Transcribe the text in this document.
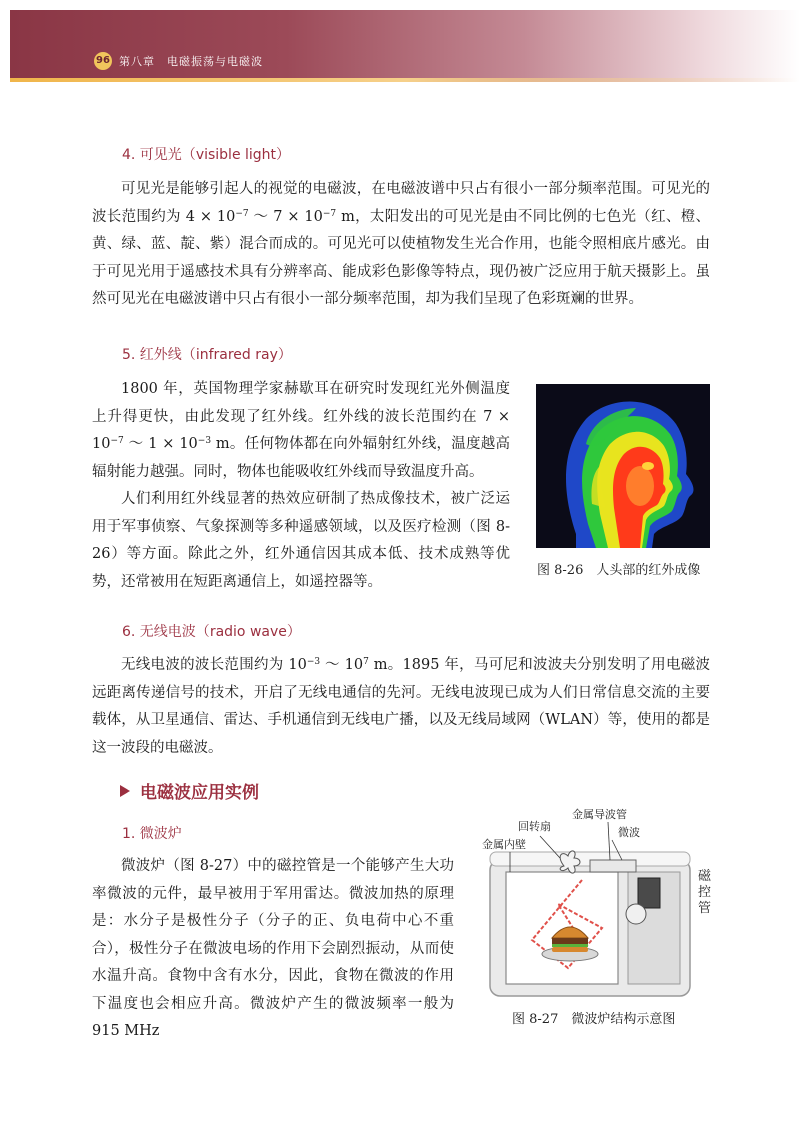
96 第八章　电磁振荡与电磁波
4. 可见光（visible light）

可见光是能够引起人的视觉的电磁波，在电磁波谱中只占有很小一部分频率范围。可见光的波长范围约为 $4 \times 10^{-7}$ ～ $7 \times 10^{-7}$ m，太阳发出的可见光是由不同比例的七色光（红、橙、黄、绿、蓝、靛、紫）混合而成的。可见光可以使植物发生光合作用，也能令照相底片感光。由于可见光用于遥感技术具有分辨率高、能成彩色影像等特点，现仍被广泛应用于航天摄影上。虽然可见光在电磁波谱中只占有很小一部分频率范围，却为我们呈现了色彩斑斓的世界。

5. 红外线（infrared ray）

1800 年，英国物理学家赫歇耳在研究时发现红光外侧温度上升得更快，由此发现了红外线。红外线的波长范围约在 $7 \times 10^{-7}$ ～ $1 \times 10^{-3}$ m。任何物体都在向外辐射红外线，温度越高辐射能力越强。同时，物体也能吸收红外线而导致温度升高。

人们利用红外线显著的热效应研制了热成像技术，被广泛运用于军事侦察、气象探测等多种遥感领域，以及医疗检测（图 8-26）等方面。除此之外，红外通信因其成本低、技术成熟等优势，还常被用在短距离通信上，如遥控器等。

图 8-26　人头部的红外成像
6. 无线电波（radio wave）

无线电波的波长范围约为 $10^{-3}$ ～ $10^7$ m。1895 年，马可尼和波波夫分别发明了用电磁波远距离传递信号的技术，开启了无线电通信的先河。无线电波现已成为人们日常信息交流的主要载体，从卫星通信、雷达、手机通信到无线电广播，以及无线局域网（WLAN）等，使用的都是这一波段的电磁波。

电磁波应用实例
1. 微波炉

微波炉（图 8-27）中的磁控管是一个能够产生大功率微波的元件，最早被用于军用雷达。微波加热的原理是：水分子是极性分子（分子的正、负电荷中心不重合），极性分子在微波电场的作用下会剧烈振动，从而使水温升高。食物中含有水分，因此，食物在微波的作用下温度也会相应升高。微波炉产生的微波频率一般为 915 MHz

金属导波管
回转扇	微波
金属内壁
磁
控
管
图 8-27　微波炉结构示意图
